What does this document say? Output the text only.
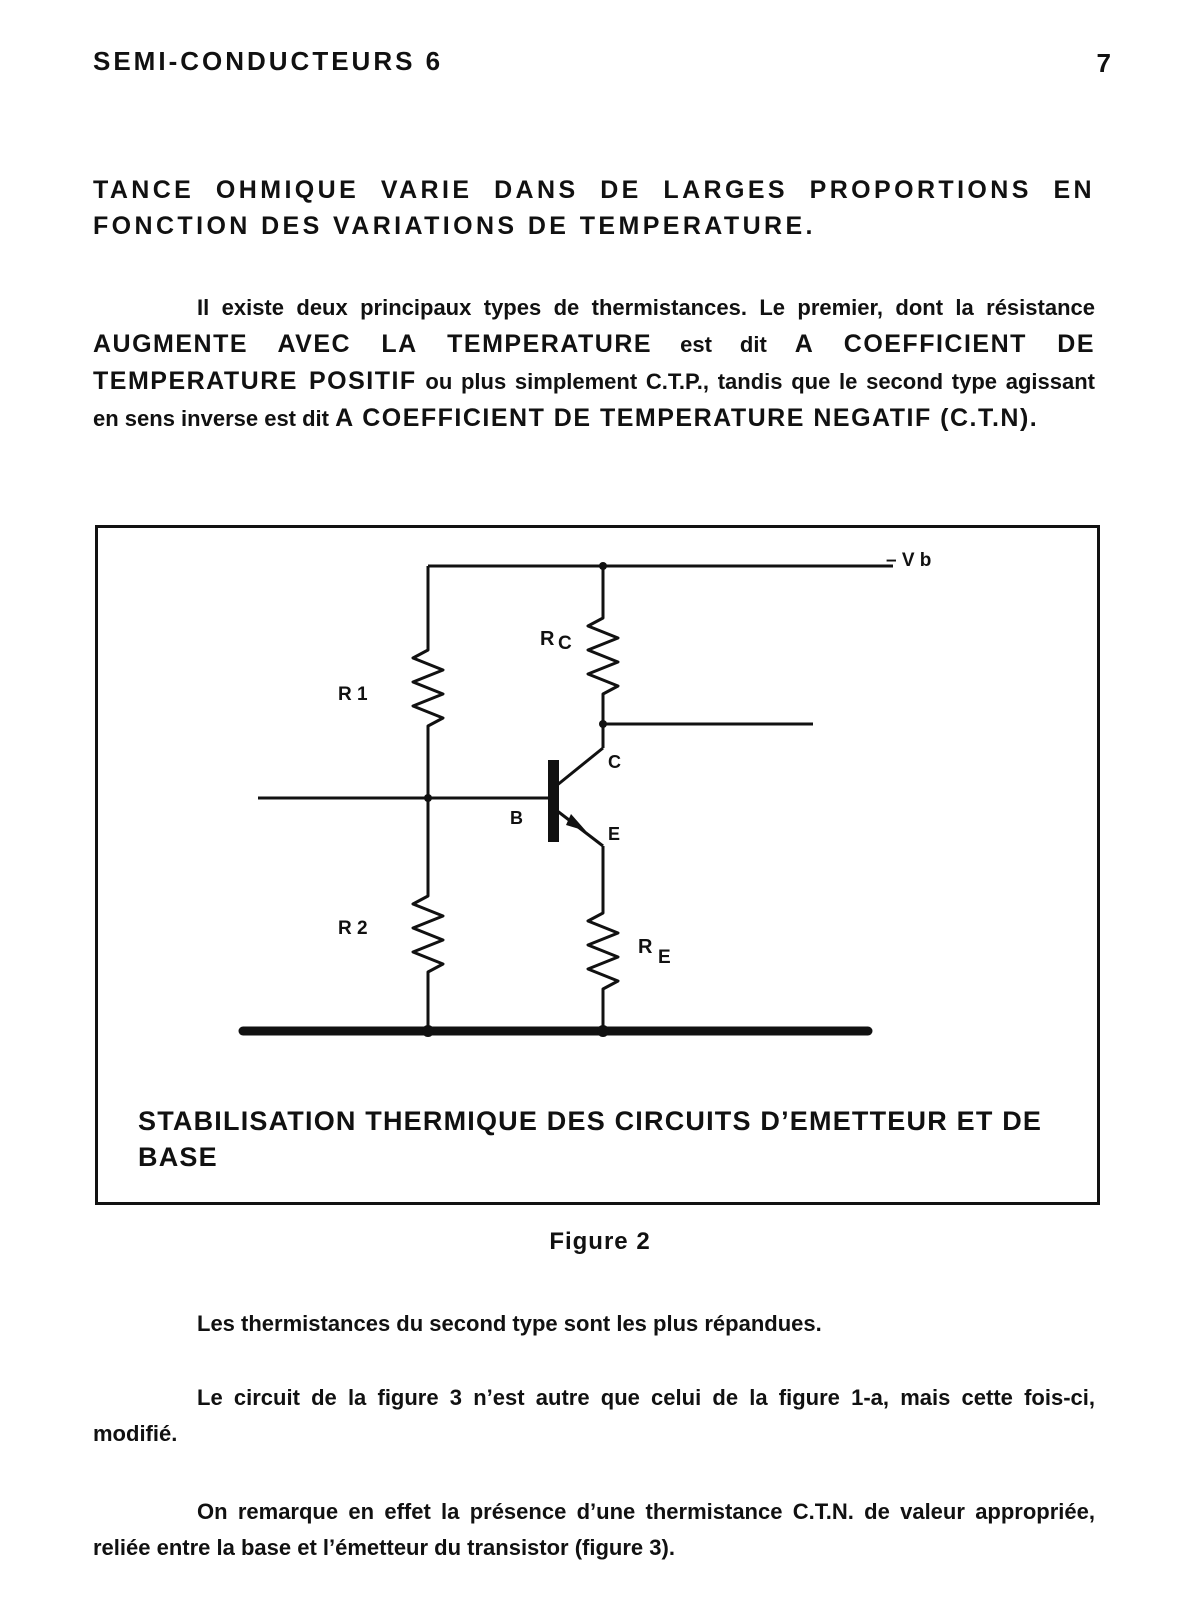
SEMI-CONDUCTEURS 6	7
TANCE OHMIQUE VARIE DANS DE LARGES PROPORTIONS EN
FONCTION DES VARIATIONS DE TEMPERATURE.
Il existe deux principaux types de thermistances. Le premier, dont la résistance AUGMENTE AVEC LA TEMPERATURE est dit A COEFFICIENT DE TEMPERATURE POSITIF ou plus simplement C.T.P., tandis que le second type agissant en sens inverse est dit A COEFFICIENT DE TEMPERATURE NEGATIF (C.T.N).
– V b
R C
R 1
C
B
E
R 2
R E
STABILISATION THERMIQUE DES CIRCUITS D’EMETTEUR ET DE BASE
Figure 2
Les thermistances du second type sont les plus répandues.
Le circuit de la figure 3 n’est autre que celui de la figure 1-a, mais cette fois-ci, modifié.
On remarque en effet la présence d’une thermistance C.T.N. de valeur appropriée, reliée entre la base et l’émetteur du transistor (figure 3).
